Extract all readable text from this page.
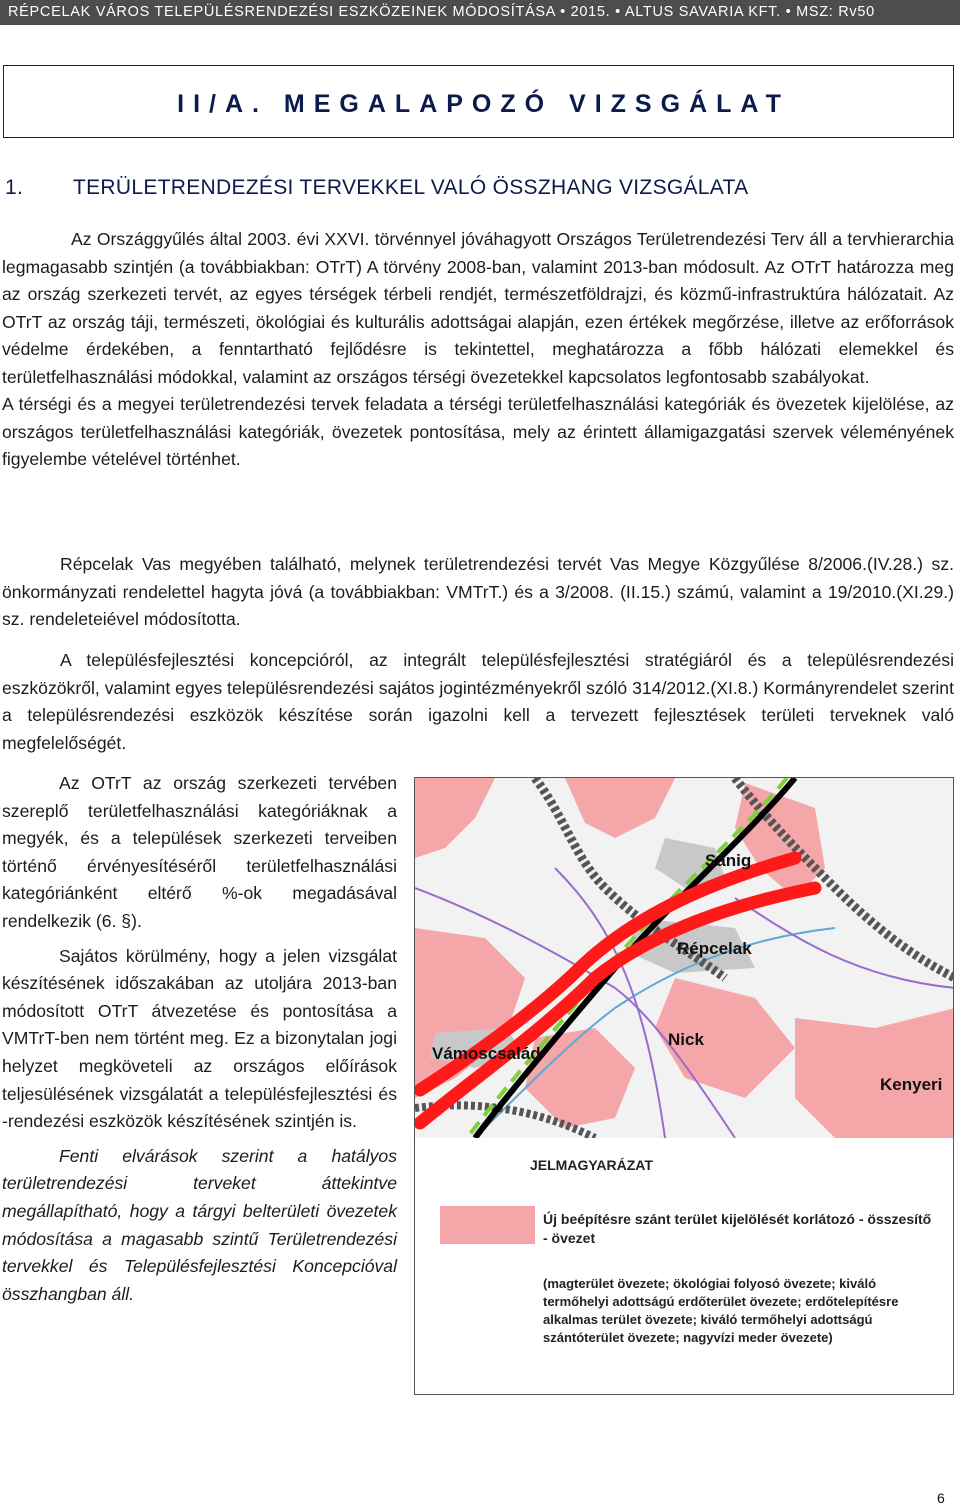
RÉPCELAK VÁROS TELEPÜLÉSRENDEZÉSI ESZKÖZEINEK MÓDOSÍTÁSA • 2015. • ALTUS SAVARIA KFT. • MSZ: Rv50
II/A. MEGALAPOZÓ VIZSGÁLAT
1. TERÜLETRENDEZÉSI TERVEKKEL VALÓ ÖSSZHANG VIZSGÁLATA

Az Országgyűlés által 2003. évi XXVI. törvénnyel jóváhagyott Országos Területrendezési Terv áll a tervhierarchia legmagasabb szintjén (a továbbiakban: OTrT) A törvény 2008-ban, valamint 2013-ban módosult. Az OTrT határozza meg az ország szerkezeti tervét, az egyes térségek térbeli rendjét, természetföldrajzi, és közmű-infrastruktúra hálózatait. Az OTrT az ország táji, természeti, ökológiai és kulturális adottságai alapján, ezen értékek megőrzése, illetve az erőforrások védelme érdekében, a fenntartható fejlődésre is tekintettel, meghatározza a főbb hálózati elemekkel és területfelhasználási módokkal, valamint az országos térségi övezetekkel kapcsolatos legfontosabb szabályokat.

A térségi és a megyei területrendezési tervek feladata a térségi területfelhasználási kategóriák és övezetek kijelölése, az országos területfelhasználási kategóriák, övezetek pontosítása, mely az érintett államigazgatási szervek véleményének figyelembe vételével történhet.

Répcelak Vas megyében található, melynek területrendezési tervét Vas Megye Közgyűlése 8/2006.(IV.28.) sz. önkormányzati rendelettel hagyta jóvá (a továbbiakban: VMTrT.) és a 3/2008. (II.15.) számú, valamint a 19/2010.(XI.29.) sz. rendeleteiével módosította.

A településfejlesztési koncepcióról, az integrált településfejlesztési stratégiáról és a településrendezési eszközökről, valamint egyes településrendezési sajátos jogintézményekről szóló 314/2012.(XI.8.) Kormányrendelet szerint a településrendezési eszközök készítése során igazolni kell a tervezett fejlesztések területi terveknek való megfelelőségét.

Az OTrT az ország szerkezeti tervében szereplő területfelhasználási kategóriáknak a megyék, és a települések szerkezeti terveiben történő érvényesítéséről területfelhasználási kategóriánként eltérő %-ok megadásával rendelkezik (6. §).

Sajátos körülmény, hogy a jelen vizsgálat készítésének időszakában az utoljára 2013-ban módosított OTrT átvezetése és pontosítása a VMTrT-ben nem történt meg. Ez a bizonytalan jogi helyzet megköveteli az országos előírások teljesülésének vizsgálatát a településfejlesztési és -rendezési eszközök készítésének szintjén is.

Fenti elvárások szerint a hatályos területrendezési terveket áttekintve megállapítható, hogy a tárgyi belterületi övezetek módosítása a magasabb szintű Területrendezési tervekkel és Településfejlesztési Koncepcióval összhangban áll.

Sánig
Répcelak
Nick
Vámoscsalád
Kenyeri
JELMAGYARÁZAT
Új beépítésre szánt terület kijelölését korlátozó - összesítő - övezet
(magterület övezete; ökológiai folyosó övezete; kiváló termőhelyi adottságú erdőterület övezete; erdőtelepítésre alkalmas terület övezete; kiváló termőhelyi adottságú szántóterület övezete; nagyvízi meder övezete)
6
